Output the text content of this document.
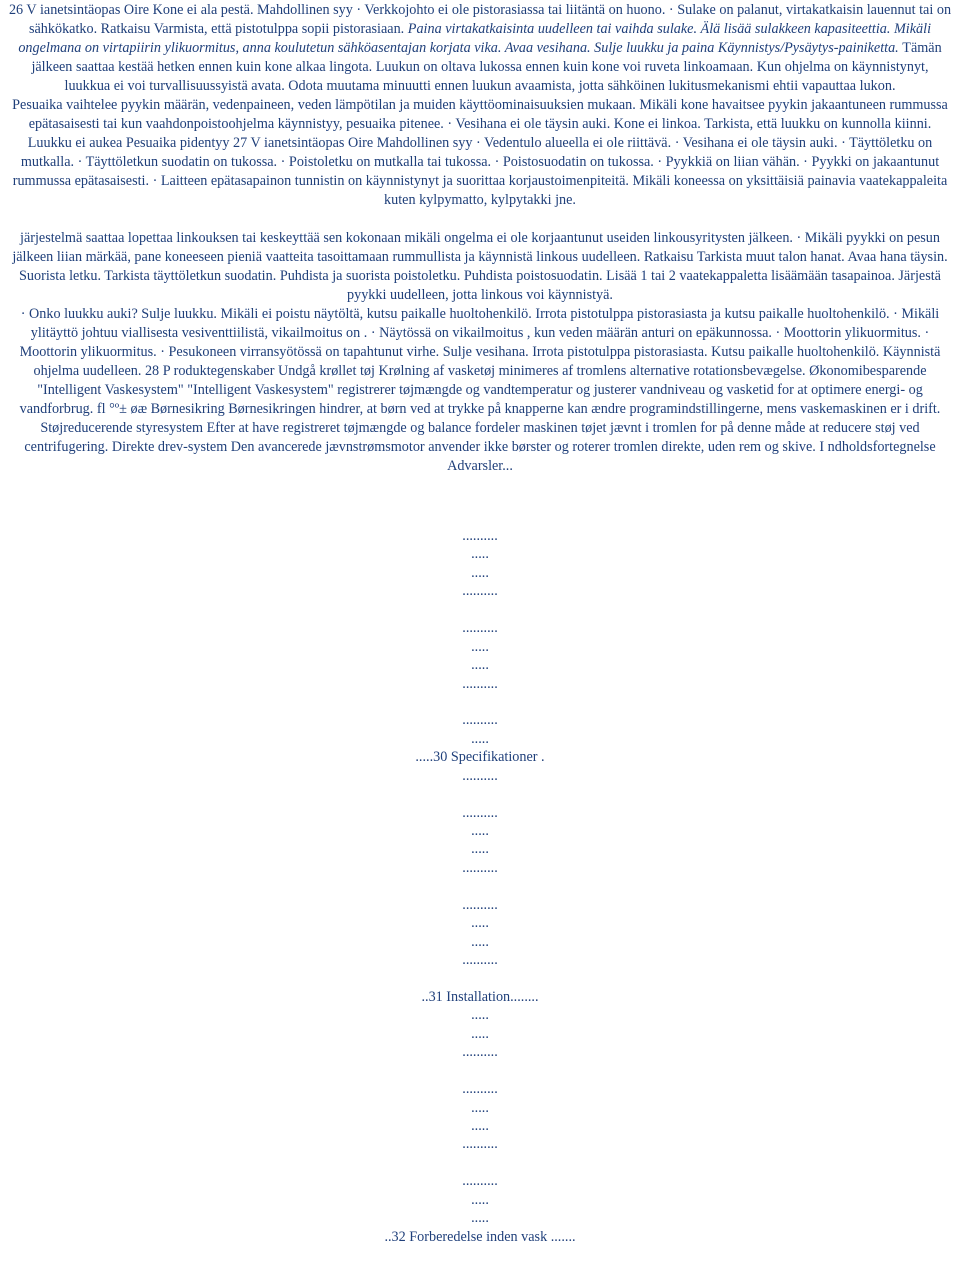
26 V ianetsintäopas Oire Kone ei ala pestä. Mahdollinen syy · Verkkojohto ei ole pistorasiassa tai liitäntä on huono. · Sulake on palanut, virtakatkaisin lauennut tai on sähkökatko. Ratkaisu Varmista, että pistotulppa sopii pistorasiaan. Paina virtakatkaisinta uudelleen tai vaihda sulake. Älä lisää sulakkeen kapasiteettia. Mikäli ongelmana on virtapiirin ylikuormitus, anna koulutetun sähköasentajan korjata vika. Avaa vesihana. Sulje luukku ja paina Käynnistys/Pysäytys-painiketta. Tämän jälkeen saattaa kestää hetken ennen kuin kone alkaa lingota. Luukun on oltava lukossa ennen kuin kone voi ruveta linkoamaan. Kun ohjelma on käynnistynyt, luukkua ei voi turvallisuussyistä avata. Odota muutama minuutti ennen luukun avaamista, jotta sähköinen lukitusmekanismi ehtii vapauttaa lukon.

Pesuaika vaihtelee pyykin määrän, vedenpaineen, veden lämpötilan ja muiden käyttöominaisuuksien mukaan. Mikäli kone havaitsee pyykin jakaantuneen rummussa epätasaisesti tai kun vaahdonpoistoohjelma käynnistyy, pesuaika pitenee. · Vesihana ei ole täysin auki. Kone ei linkoa. Tarkista, että luukku on kunnolla kiinni.

Luukku ei aukea Pesuaika pidentyy 27 V ianetsintäopas Oire Mahdollinen syy · Vedentulo alueella ei ole riittävä. · Vesihana ei ole täysin auki. · Täyttöletku on mutkalla. · Täyttöletkun suodatin on tukossa. · Poistoletku on mutkalla tai tukossa. · Poistosuodatin on tukossa. · Pyykkiä on liian vähän. · Pyykki on jakaantunut rummussa epätasaisesti. · Laitteen epätasapainon tunnistin on käynnistynyt ja suorittaa korjaustoimenpiteitä. Mikäli koneessa on yksittäisiä painavia vaatekappaleita kuten kylpymatto, kylpytakki jne.

järjestelmä saattaa lopettaa linkouksen tai keskeyttää sen kokonaan mikäli ongelma ei ole korjaantunut useiden linkousyritysten jälkeen. · Mikäli pyykki on pesun jälkeen liian märkää, pane koneeseen pieniä vaatteita tasoittamaan rummullista ja käynnistä linkous uudelleen. Ratkaisu Tarkista muut talon hanat. Avaa hana täysin. Suorista letku. Tarkista täyttöletkun suodatin. Puhdista ja suorista poistoletku. Puhdista poistosuodatin. Lisää 1 tai 2 vaatekappaletta lisäämään tasapainoa. Järjestä pyykki uudelleen, jotta linkous voi käynnistyä.

· Onko luukku auki? Sulje luukku. Mikäli ei poistu näytöltä, kutsu paikalle huoltohenkilö. Irrota pistotulppa pistorasiasta ja kutsu paikalle huoltohenkilö. · Mikäli ylitäyttö johtuu viallisesta vesiventtiilistä, vikailmoitus on . · Näytössä on vikailmoitus , kun veden määrän anturi on epäkunnossa. · Moottorin ylikuormitus. · Moottorin ylikuormitus. · Pesukoneen virransyötössä on tapahtunut virhe. Sulje vesihana. Irrota pistotulppa pistorasiasta. Kutsu paikalle huoltohenkilö. Käynnistä ohjelma uudelleen. 28 P roduktegenskaber Undgå krøllet tøj Krølning af vasketøj minimeres af tromlens alternative rotationsbevægelse. Økonomibesparende "Intelligent Vaskesystem" "Intelligent Vaskesystem" registrerer tøjmængde og vandtemperatur og justerer vandniveau og vasketid for at optimere energi- og vandforbrug. fl °º± øæ Børnesikring Børnesikringen hindrer, at børn ved at trykke på knapperne kan ændre programindstillingerne, mens vaskemaskinen er i drift. Støjreducerende styresystem Efter at have registreret tøjmængde og balance fordeler maskinen tøjet jævnt i tromlen for på denne måde at reducere støj ved centrifugering. Direkte drev-system Den avancerede jævnstrømsmotor anvender ikke børster og roterer tromlen direkte, uden rem og skive. I ndholdsfortegnelse Advarsler...

..........
.....
.....
..........
..........
.....
.....
..........
..........
.....
.....30 Specifikationer .
..........
..........
.....
.....
..........
..........
.....
.....
..........
..31 Installation........
.....
.....
..........
..........
.....
.....
..........
..........
.....
.....
..32 Forberedelse inden vask .......
